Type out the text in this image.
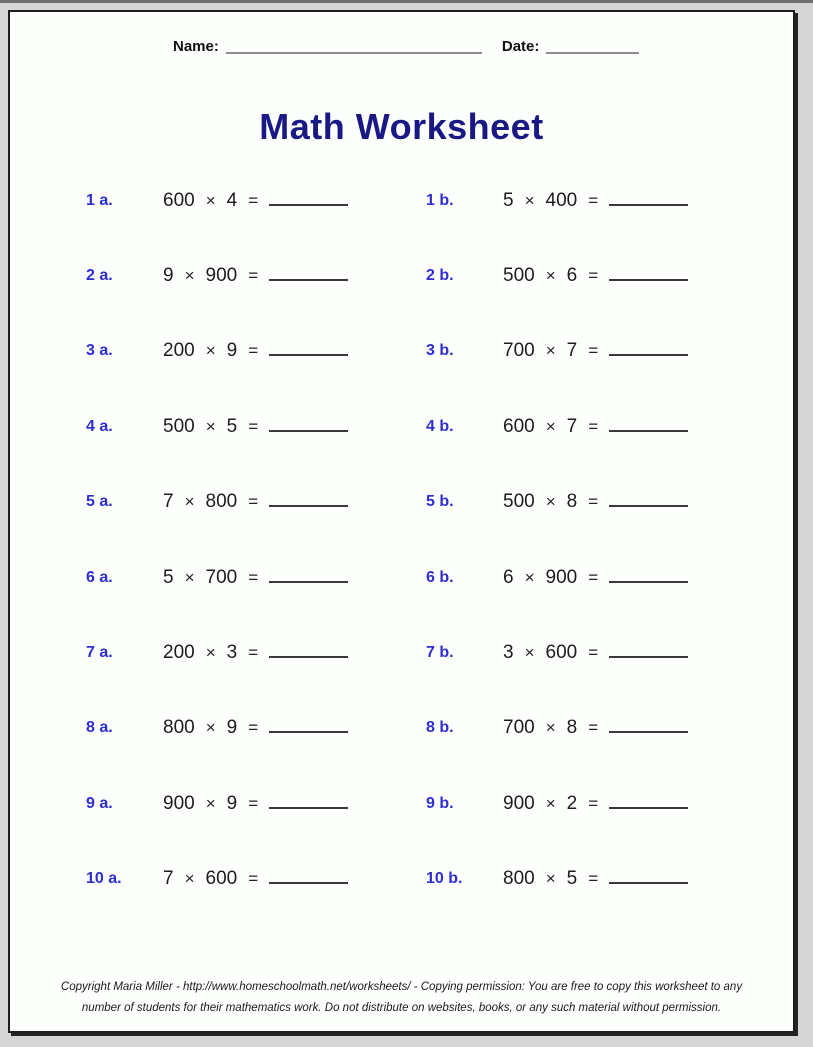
Name:	Date:
Math Worksheet
1 a.	600 × 4 =	1 b.	5 × 400 =
2 a.	9 × 900 =	2 b.	500 × 6 =
3 a.	200 × 9 =	3 b.	700 × 7 =
4 a.	500 × 5 =	4 b.	600 × 7 =
5 a.	7 × 800 =	5 b.	500 × 8 =
6 a.	5 × 700 =	6 b.	6 × 900 =
7 a.	200 × 3 =	7 b.	3 × 600 =
8 a.	800 × 9 =	8 b.	700 × 8 =
9 a.	900 × 9 =	9 b.	900 × 2 =
10 a.	7 × 600 =	10 b.	800 × 5 =
Copyright Maria Miller - http://www.homeschoolmath.net/worksheets/ - Copying permission: You are free to copy this worksheet to any
number of students for their mathematics work. Do not distribute on websites, books, or any such material without permission.
